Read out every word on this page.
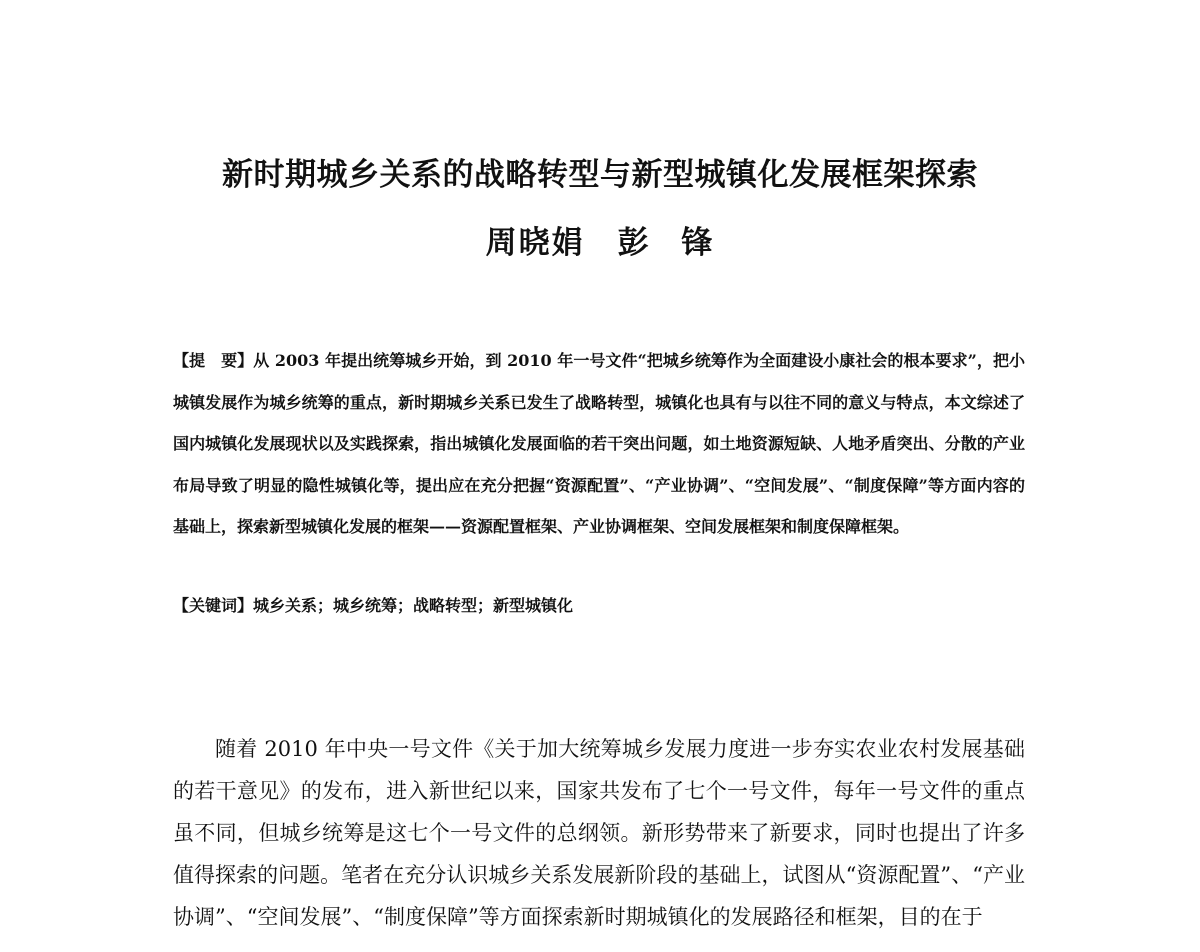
新时期城乡关系的战略转型与新型城镇化发展框架探索
周晓娟　彭 锋

【提　要】从 2003 年提出统筹城乡开始，到 2010 年一号文件“把城乡统筹作为全面建设小康社会的根本要求”，把小城镇发展作为城乡统筹的重点，新时期城乡关系已发生了战略转型，城镇化也具有与以往不同的意义与特点，本文综述了国内城镇化发展现状以及实践探索，指出城镇化发展面临的若干突出问题，如土地资源短缺、人地矛盾突出、分散的产业布局导致了明显的隐性城镇化等，提出应在充分把握“资源配置”、“产业协调”、“空间发展”、“制度保障”等方面内容的基础上，探索新型城镇化发展的框架——资源配置框架、产业协调框架、空间发展框架和制度保障框架。

【关键词】城乡关系；城乡统筹；战略转型；新型城镇化

随着 2010 年中央一号文件《关于加大统筹城乡发展力度进一步夯实农业农村发展基础的若干意见》的发布，进入新世纪以来，国家共发布了七个一号文件，每年一号文件的重点虽不同，但城乡统筹是这七个一号文件的总纲领。新形势带来了新要求，同时也提出了许多值得探索的问题。笔者在充分认识城乡关系发展新阶段的基础上，试图从“资源配置”、“产业协调”、“空间发展”、“制度保障”等方面探索新时期城镇化的发展路径和框架，目的在于
